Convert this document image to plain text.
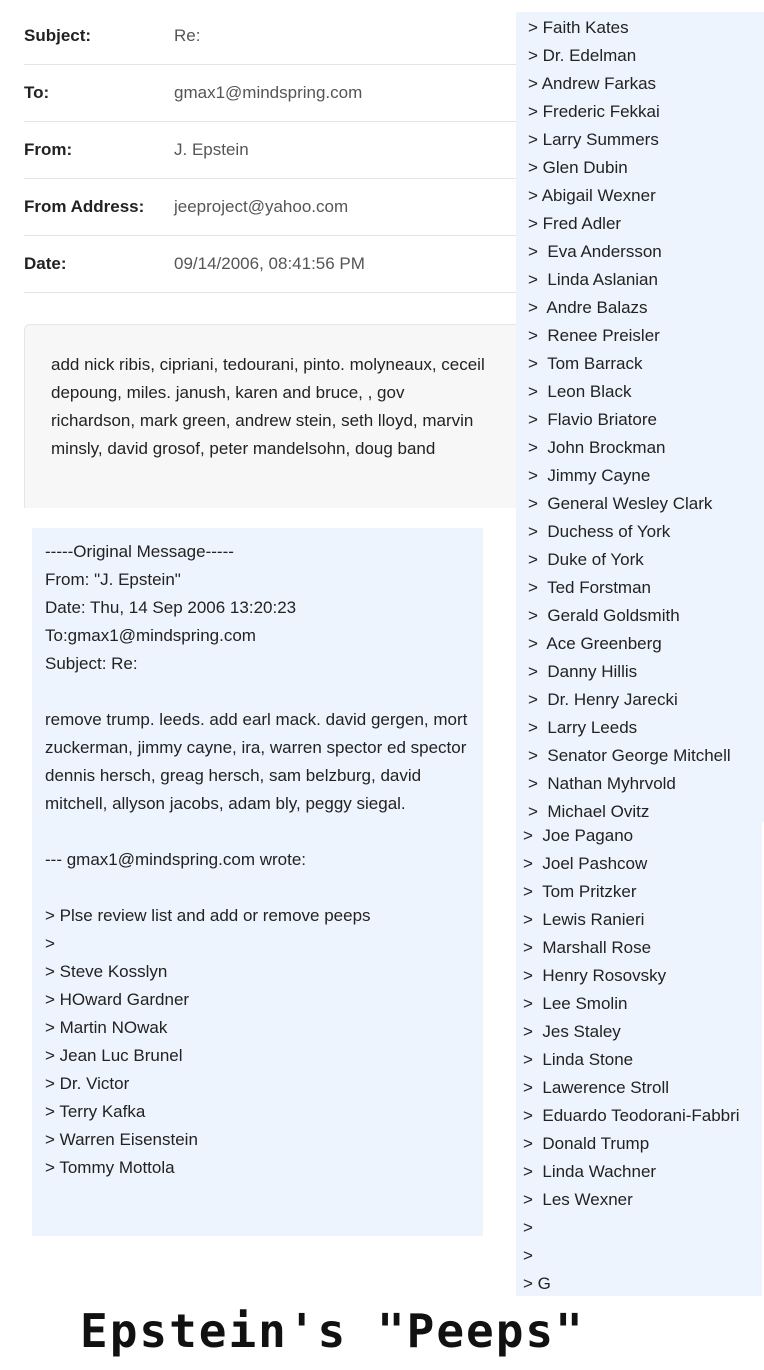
Subject:	Re:
To:	gmax1@mindspring.com
From:	J. Epstein
From Address: jeeproject@yahoo.com
Date:	09/14/2006, 08:41:56 PM
add nick ribis, cipriani, tedourani, pinto. molyneaux, ceceil depoung, miles. janush, karen and bruce, , gov richardson, mark green, andrew stein, seth lloyd, marvin minsly, david grosof, peter mandelsohn, doug band
-----Original Message-----
From: "J. Epstein"
Date: Thu, 14 Sep 2006 13:20:23
To:gmax1@mindspring.com
Subject: Re:
remove trump. leeds. add earl mack. david gergen, mort
zuckerman, jimmy cayne, ira, warren spector ed spector
dennis hersch, greag hersch, sam belzburg, david mitchell, allyson jacobs, adam bly, peggy siegal.
--- gmax1@mindspring.com wrote:
> Plse review list and add or remove peeps
>
> Steve Kosslyn
> HOward Gardner
> Martin NOwak
> Jean Luc Brunel
> Dr. Victor
> Terry Kafka
> Warren Eisenstein
> Tommy Mottola
> Faith Kates
> Dr. Edelman
> Andrew Farkas
> Frederic Fekkai
> Larry Summers
> Glen Dubin
> Abigail Wexner
> Fred Adler
>  Eva Andersson
>  Linda Aslanian
>  Andre Balazs
>  Renee Preisler
>  Tom Barrack
>  Leon Black
>  Flavio Briatore
>  John Brockman
>  Jimmy Cayne
>  General Wesley Clark
>  Duchess of York
>  Duke of York
>  Ted Forstman
>  Gerald Goldsmith
>  Ace Greenberg
>  Danny Hillis
>  Dr. Henry Jarecki
>  Larry Leeds
>  Senator George Mitchell
>  Nathan Myhrvold
>  Michael Ovitz
>  Joe Pagano
>  Joel Pashcow
>  Tom Pritzker
>  Lewis Ranieri
>  Marshall Rose
>  Henry Rosovsky
>  Lee Smolin
>  Jes Staley
>  Linda Stone
>  Lawerence Stroll
>  Eduardo Teodorani-Fabbri
>  Donald Trump
>  Linda Wachner
>  Les Wexner
>
>
> G
Epstein's "Peeps"
